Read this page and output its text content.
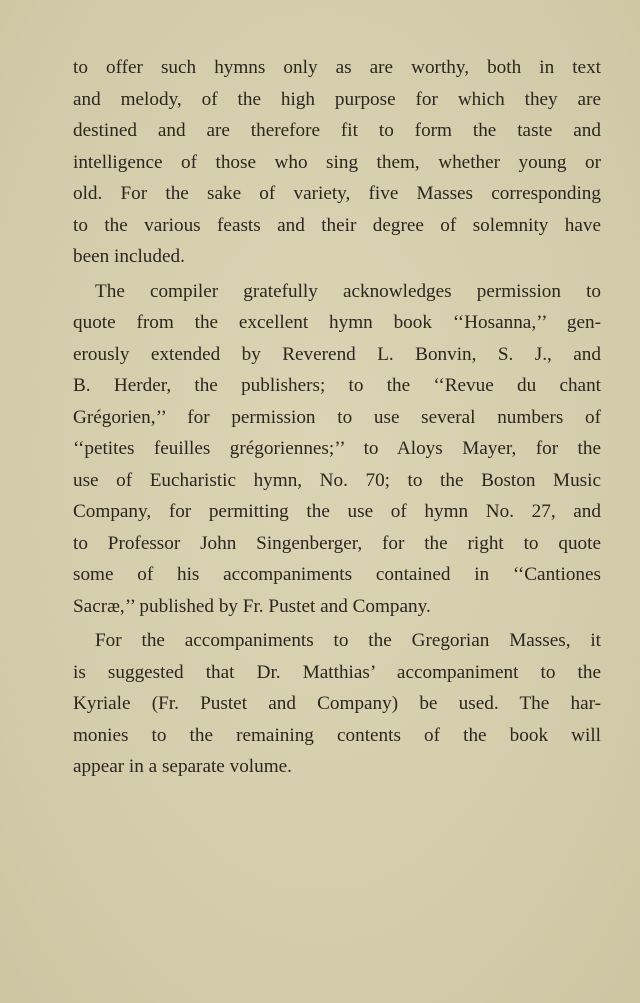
to offer such hymns only as are worthy, both in text
and melody, of the high purpose for which they are
destined and are therefore fit to form the taste and
intelligence of those who sing them, whether young or
old. For the sake of variety, five Masses corresponding
to the various feasts and their degree of solemnity have
been included.
The compiler gratefully acknowledges permission to
quote from the excellent hymn book ‘‘Hosanna,’’ gen-
erously extended by Reverend L. Bonvin, S. J., and
B. Herder, the publishers; to the ‘‘Revue du chant
Grégorien,’’ for permission to use several numbers of
‘‘petites feuilles grégoriennes;’’ to Aloys Mayer, for the
use of Eucharistic hymn, No. 70; to the Boston Music
Company, for permitting the use of hymn No. 27, and
to Professor John Singenberger, for the right to quote
some of his accompaniments contained in ‘‘Cantiones
Sacræ,’’ published by Fr. Pustet and Company.
For the accompaniments to the Gregorian Masses, it
is suggested that Dr. Matthias’ accompaniment to the
Kyriale (Fr. Pustet and Company) be used. The har-
monies to the remaining contents of the book will
appear in a separate volume.
